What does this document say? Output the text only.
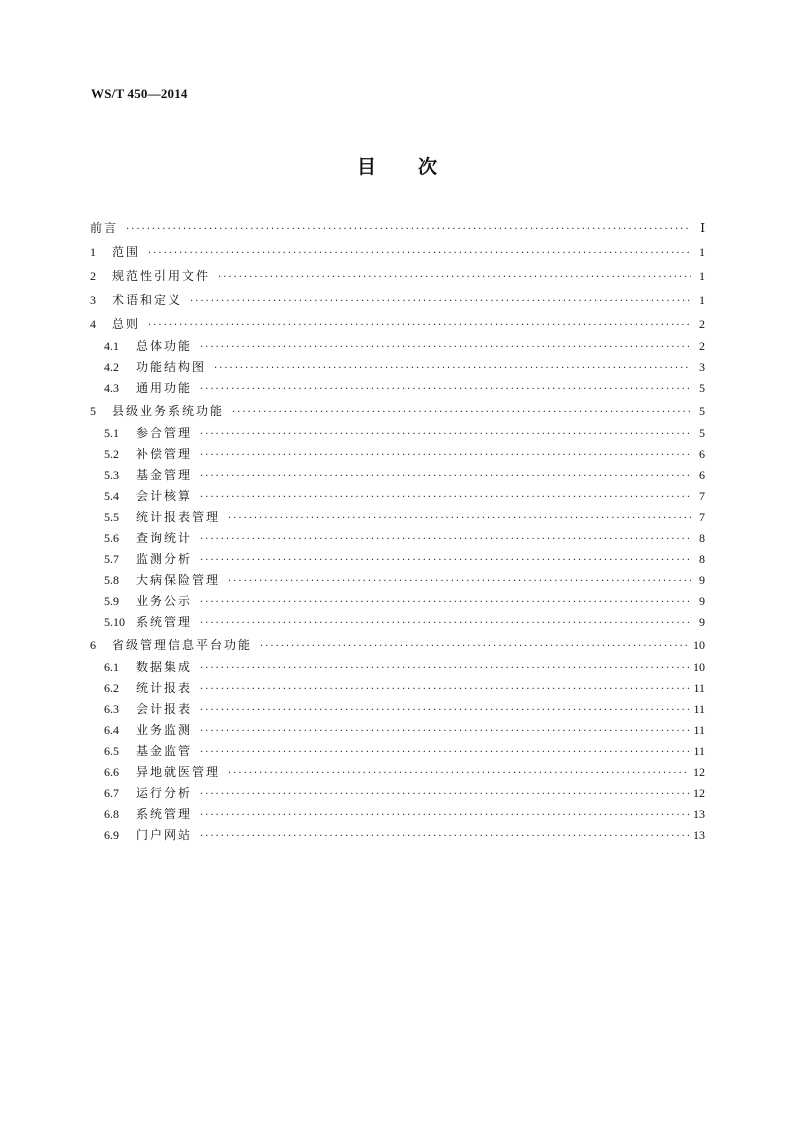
WS/T 450—2014
目 次
前言 ·····	Ⅰ
1	范围 ·····	1
2	规范性引用文件 ·····	1
3	术语和定义 ·····	1
4	总则 ·····	2
4.1	总体功能 ·····	2
4.2	功能结构图 ·····	3
4.3	通用功能 ·····	5
5	县级业务系统功能 ·····	5
5.1	参合管理 ·····	5
5.2	补偿管理 ·····	6
5.3	基金管理 ·····	6
5.4	会计核算 ·····	7
5.5	统计报表管理 ·····	7
5.6	查询统计 ·····	8
5.7	监测分析 ·····	8
5.8	大病保险管理 ·····	9
5.9	业务公示 ·····	9
5.10 系统管理 ·····	9
6	省级管理信息平台功能 ·····	10
6.1	数据集成 ·····	10
6.2	统计报表 ·····	11
6.3	会计报表 ·····	11
6.4	业务监测 ·····	11
6.5	基金监管 ·····	11
6.6	异地就医管理 ·····	12
6.7	运行分析 ·····	12
6.8	系统管理 ·····	13
6.9	门户网站 ·····	13
